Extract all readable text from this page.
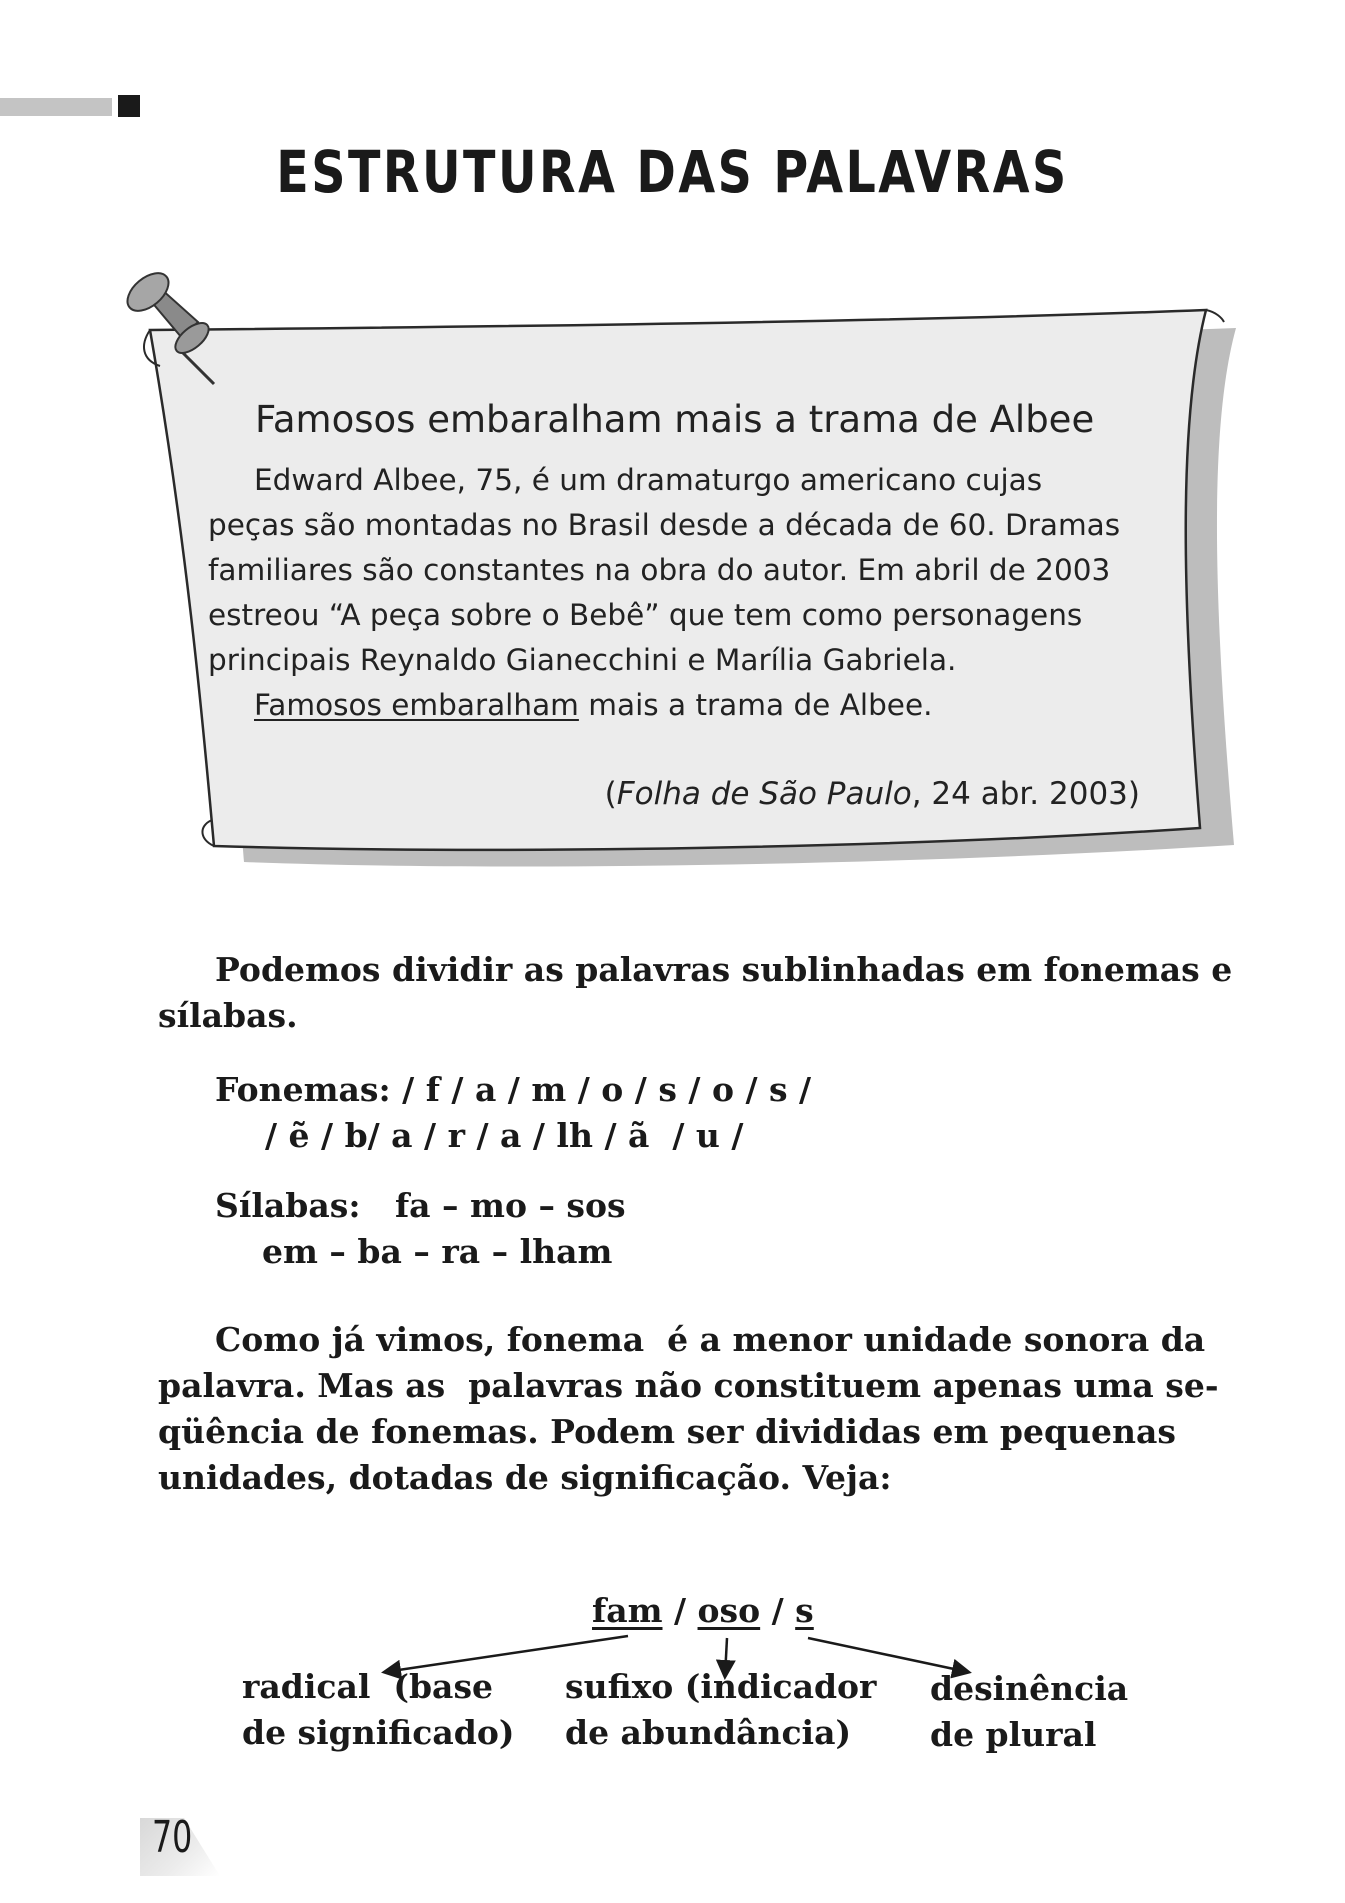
ESTRUTURA DAS PALAVRAS
Famosos embaralham mais a trama de Albee

Edward Albee, 75, é um dramaturgo americano cujas

peças são montadas no Brasil desde a década de 60. Dramas

familiares são constantes na obra do autor. Em abril de 2003

estreou “A peça sobre o Bebê” que tem como personagens

principais Reynaldo Gianecchini e Marília Gabriela.

Famosos embaralham mais a trama de Albee.

(Folha de São Paulo, 24 abr. 2003)
Podemos dividir as palavras sublinhadas em fonemas e
sílabas.
Fonemas: / f / a / m / o / s / o / s /
/ ẽ / b/ a / r / a / lh / ã  / u /
Sílabas:   fa – mo – sos
em – ba – ra – lham
Como já vimos, fonema  é a menor unidade sonora da
palavra. Mas as  palavras não constituem apenas uma se-
qüência de fonemas. Podem ser divididas em pequenas
unidades, dotadas de significação. Veja:
fam / oso / s
radical  (base
de significado)
sufixo (indicador
de abundância)
desinência
de plural
70
